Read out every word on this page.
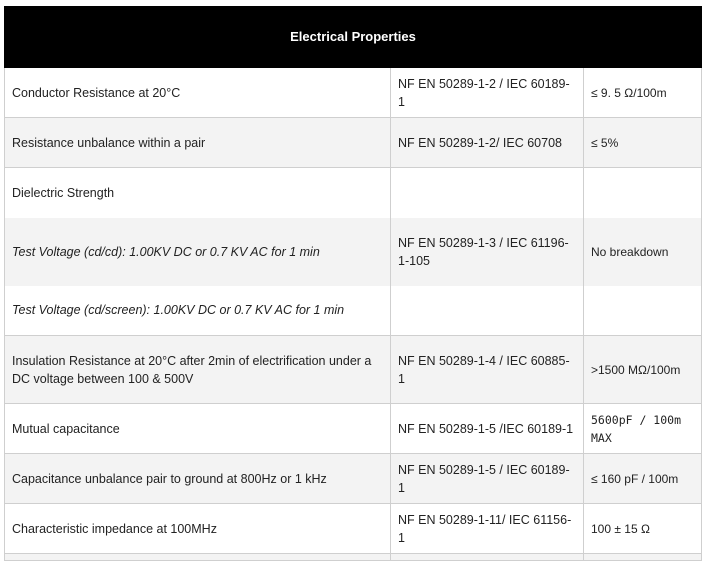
Electrical Properties		
Conductor Resistance at 20°C	NF EN 50289-1-2 / IEC 60189-1	≤ 9. 5 Ω/100m
Resistance unbalance within a pair	NF EN 50289-1-2/ IEC 60708	≤ 5%
Dielectric Strength		
Test Voltage (cd/cd): 1.00KV DC or 0.7 KV AC for 1 min	NF EN 50289-1-3 / IEC 61196-1-105	No breakdown
Test Voltage (cd/screen): 1.00KV DC or 0.7 KV AC for 1 min		
Insulation Resistance at 20°C after 2min of electrification under a DC voltage between 100 & 500V	NF EN 50289-1-4 / IEC 60885-1	>1500 MΩ/100m
Mutual capacitance	NF EN 50289-1-5 /IEC 60189-1	5600pF / 100m MAX
Capacitance unbalance pair to ground at 800Hz or 1 kHz	NF EN 50289-1-5 / IEC 60189-1	≤ 160 pF / 100m
Characteristic impedance at 100MHz	NF EN 50289-1-11/ IEC 61156-1	100 ± 15 Ω
